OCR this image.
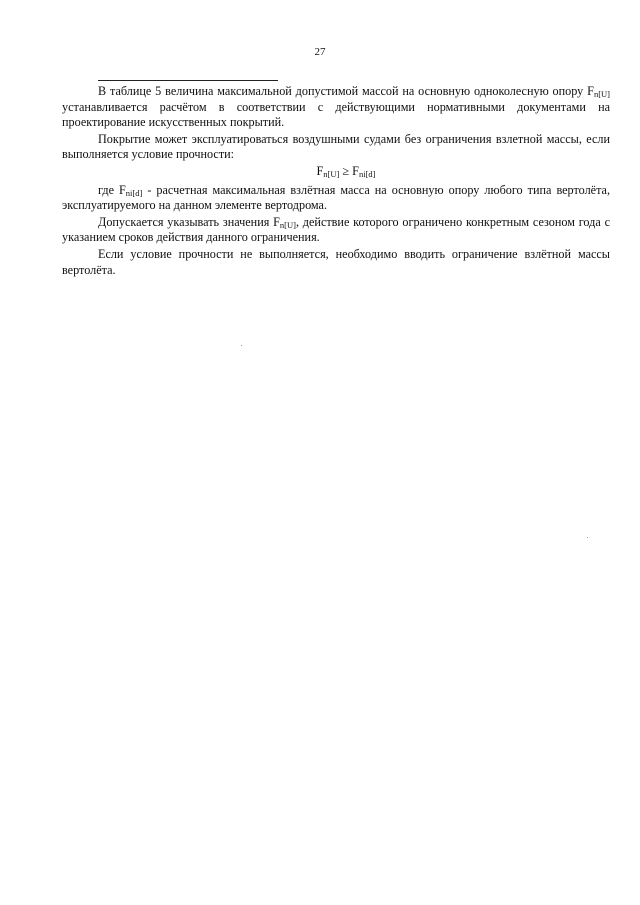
27

В таблице 5 величина максимальной допустимой массой на основную одноколесную опору $F_{n[U]}$ устанавливается расчётом в соответствии с действующими нормативными документами на проектирование искусственных покрытий.

Покрытие может эксплуатироваться воздушными судами без ограничения взлетной массы, если выполняется условие прочности:

$F_{n[U]} \ge F_{ni[d]}$

где $F_{ni[d]}$ - расчетная максимальная взлётная масса на основную опору любого типа вертолёта, эксплуатируемого на данном элементе вертодрома.

Допускается указывать значения $F_{n[U]}$, действие которого ограничено конкретным сезоном года с указанием сроков действия данного ограничения.

Если условие прочности не выполняется, необходимо вводить ограничение взлётной массы вертолёта.
